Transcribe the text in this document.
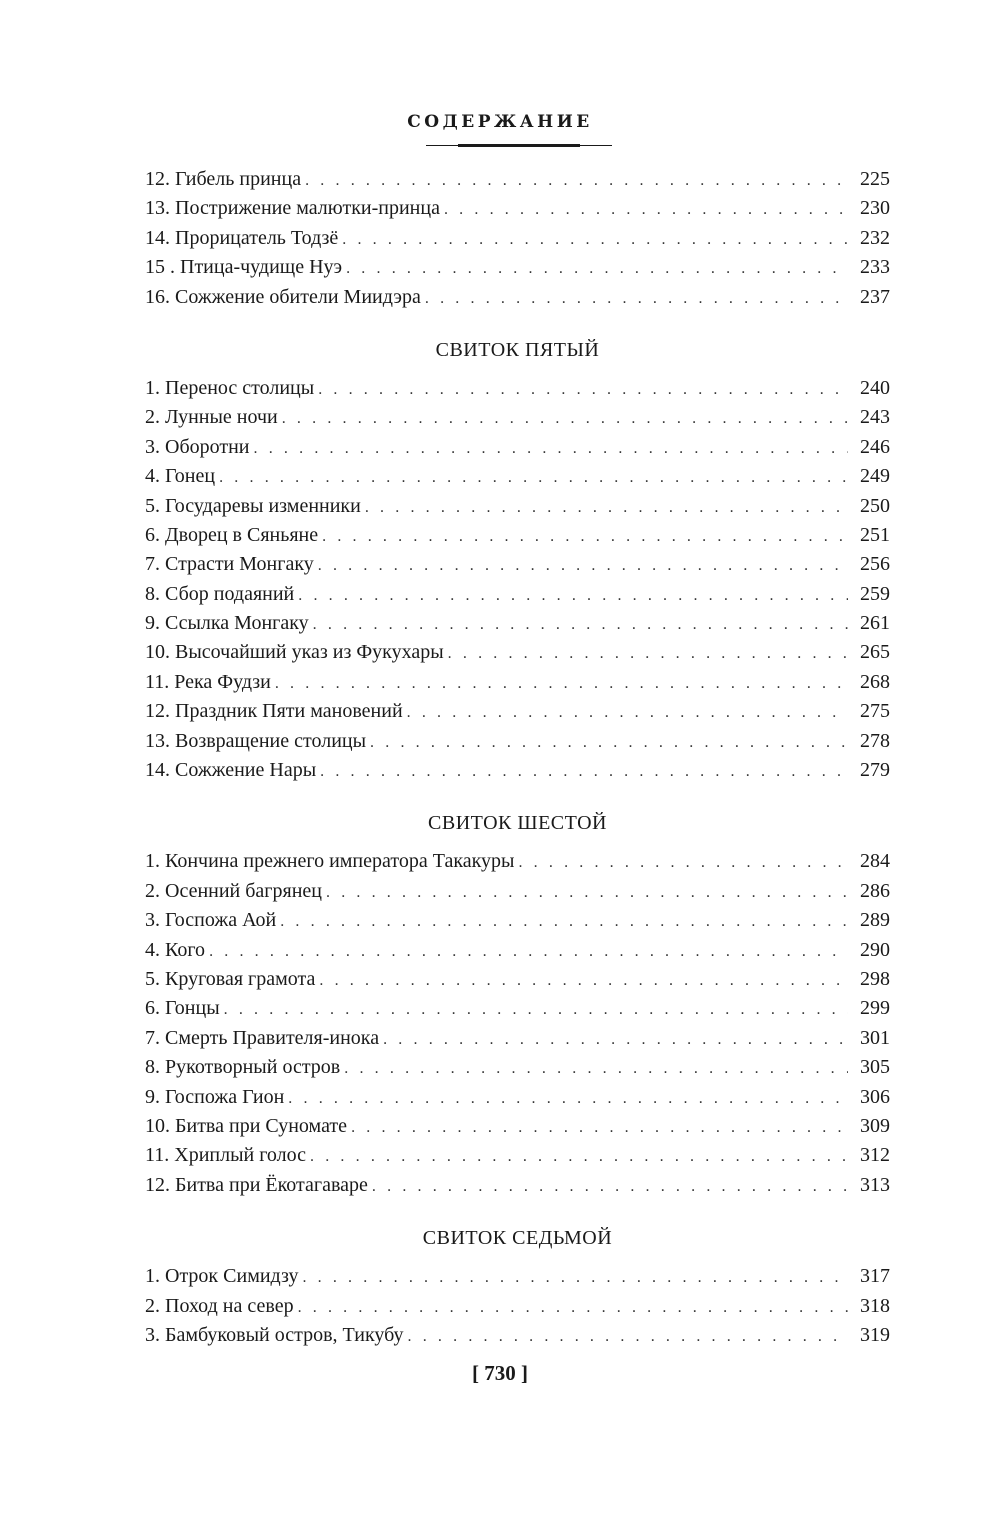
СОДЕРЖАНИЕ
12. Гибель принца . . .	225
13. Пострижение малютки-принца . . .	230
14. Прорицатель Тодзё . . .	232
15 . Птица-чудище Нуэ . . .	233
16. Сожжение обители Миидэра . . .	237
СВИТОК ПЯТЫЙ
1. Перенос столицы . . .	240
2. Лунные ночи . . .	243
3. Оборотни . . .	246
4. Гонец . . .	249
5. Государевы изменники . . .	250
6. Дворец в Сяньяне . . .	251
7. Страсти Монгаку . . .	256
8. Сбор подаяний . . .	259
9. Ссылка Монгаку . . .	261
10. Высочайший указ из Фукухары . . .	265
11. Река Фудзи . . .	268
12. Праздник Пяти мановений . . .	275
13. Возвращение столицы . . .	278
14. Сожжение Нары . . .	279
СВИТОК ШЕСТОЙ
1. Кончина прежнего императора Такакуры . . .	284
2. Осенний багрянец . . .	286
3. Госпожа Аой . . .	289
4. Кого . . .	290
5. Круговая грамота . . .	298
6. Гонцы . . .	299
7. Смерть Правителя-инока . . .	301
8. Рукотворный остров . . .	305
9. Госпожа Гион . . .	306
10. Битва при Суномате . . .	309
11. Хриплый голос . . .	312
12. Битва при Ёкотагаваре . . .	313
СВИТОК СЕДЬМОЙ
1. Отрок Симидзу . . .	317
2. Поход на север . . .	318
3. Бамбуковый остров, Тикубу . . .	319
[ 730 ]
